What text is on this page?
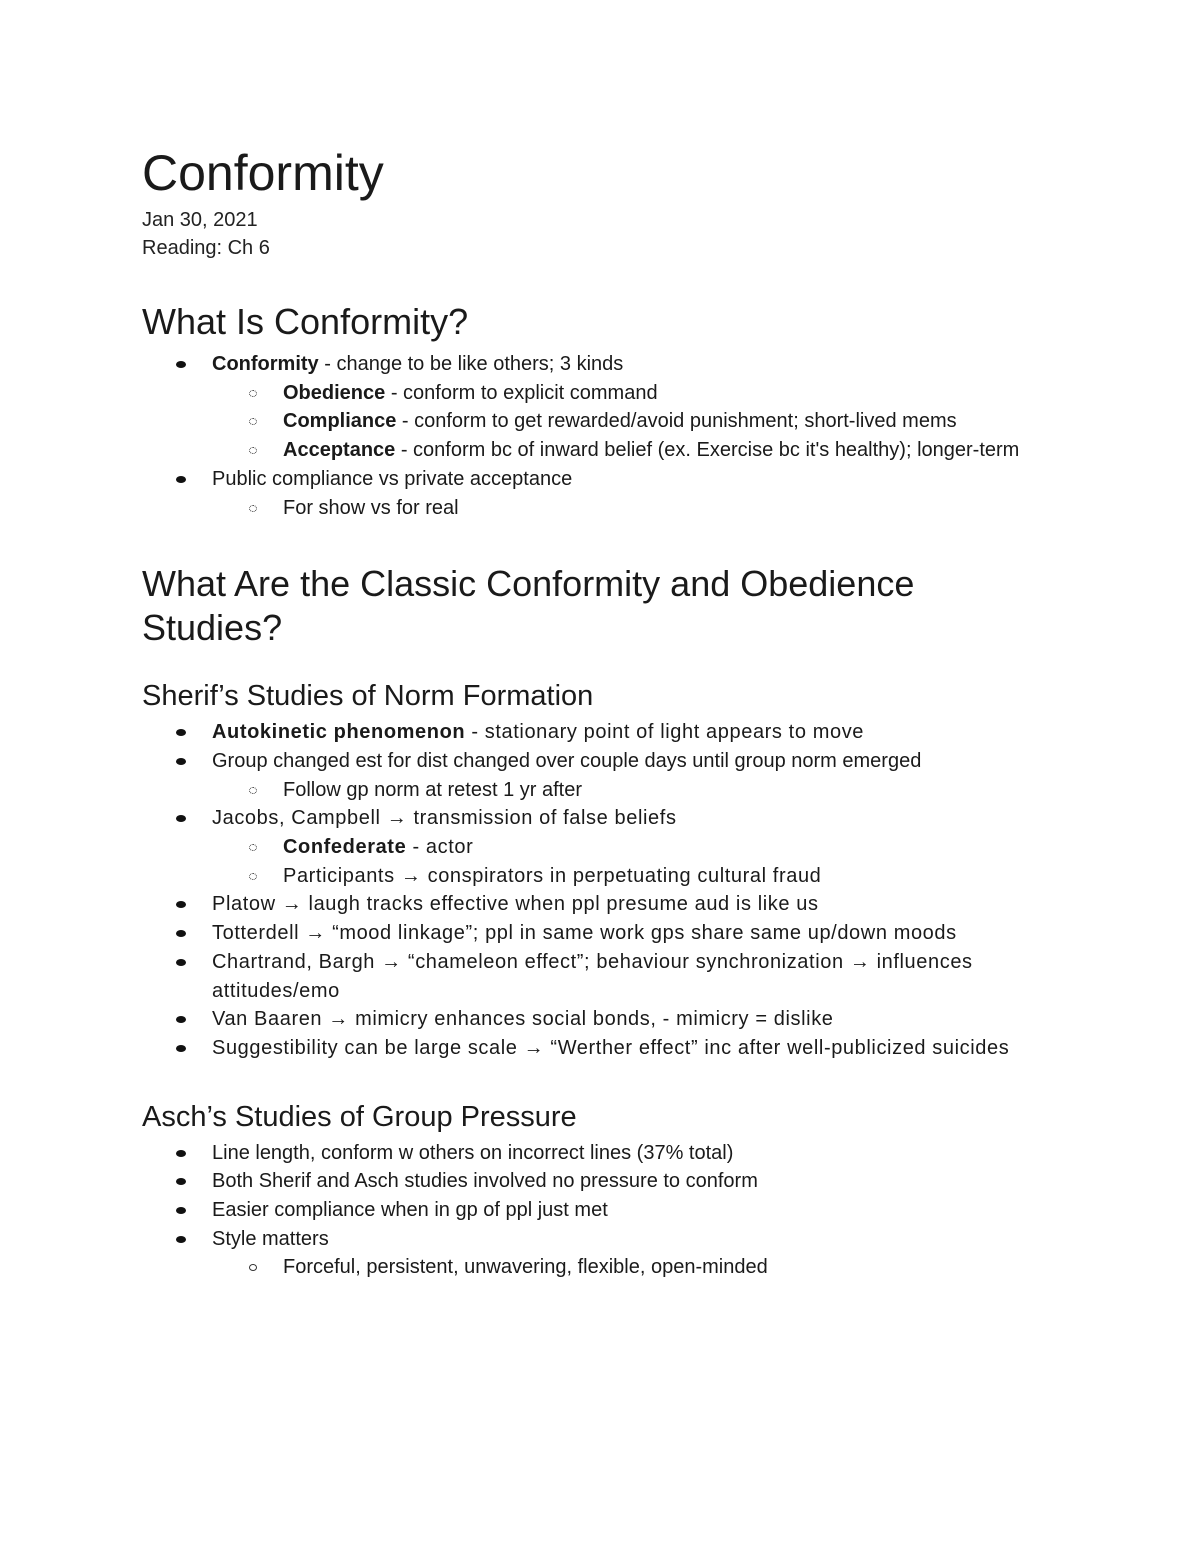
Conformity
Jan 30, 2021
Reading: Ch 6
What Is Conformity?
Conformity - change to be like others; 3 kinds
Obedience - conform to explicit command
Compliance - conform to get rewarded/avoid punishment; short-lived mems
Acceptance - conform bc of inward belief (ex. Exercise bc it's healthy); longer-term
Public compliance vs private acceptance
For show vs for real
What Are the Classic Conformity and Obedience Studies?
Sherif’s Studies of Norm Formation
Autokinetic phenomenon - stationary point of light appears to move
Group changed est for dist changed over couple days until group norm emerged
Follow gp norm at retest 1 yr after
Jacobs, Campbell → transmission of false beliefs
Confederate - actor
Participants → conspirators in perpetuating cultural fraud
Platow → laugh tracks effective when ppl presume aud is like us
Totterdell → “mood linkage”; ppl in same work gps share same up/down moods
Chartrand, Bargh → “chameleon effect”; behaviour synchronization → influences attitudes/emo
Van Baaren → mimicry enhances social bonds, - mimicry = dislike
Suggestibility can be large scale → “Werther effect” inc after well-publicized suicides
Asch’s Studies of Group Pressure
Line length, conform w others on incorrect lines (37% total)
Both Sherif and Asch studies involved no pressure to conform
Easier compliance when in gp of ppl just met
Style matters
Forceful, persistent, unwavering, flexible, open-minded
